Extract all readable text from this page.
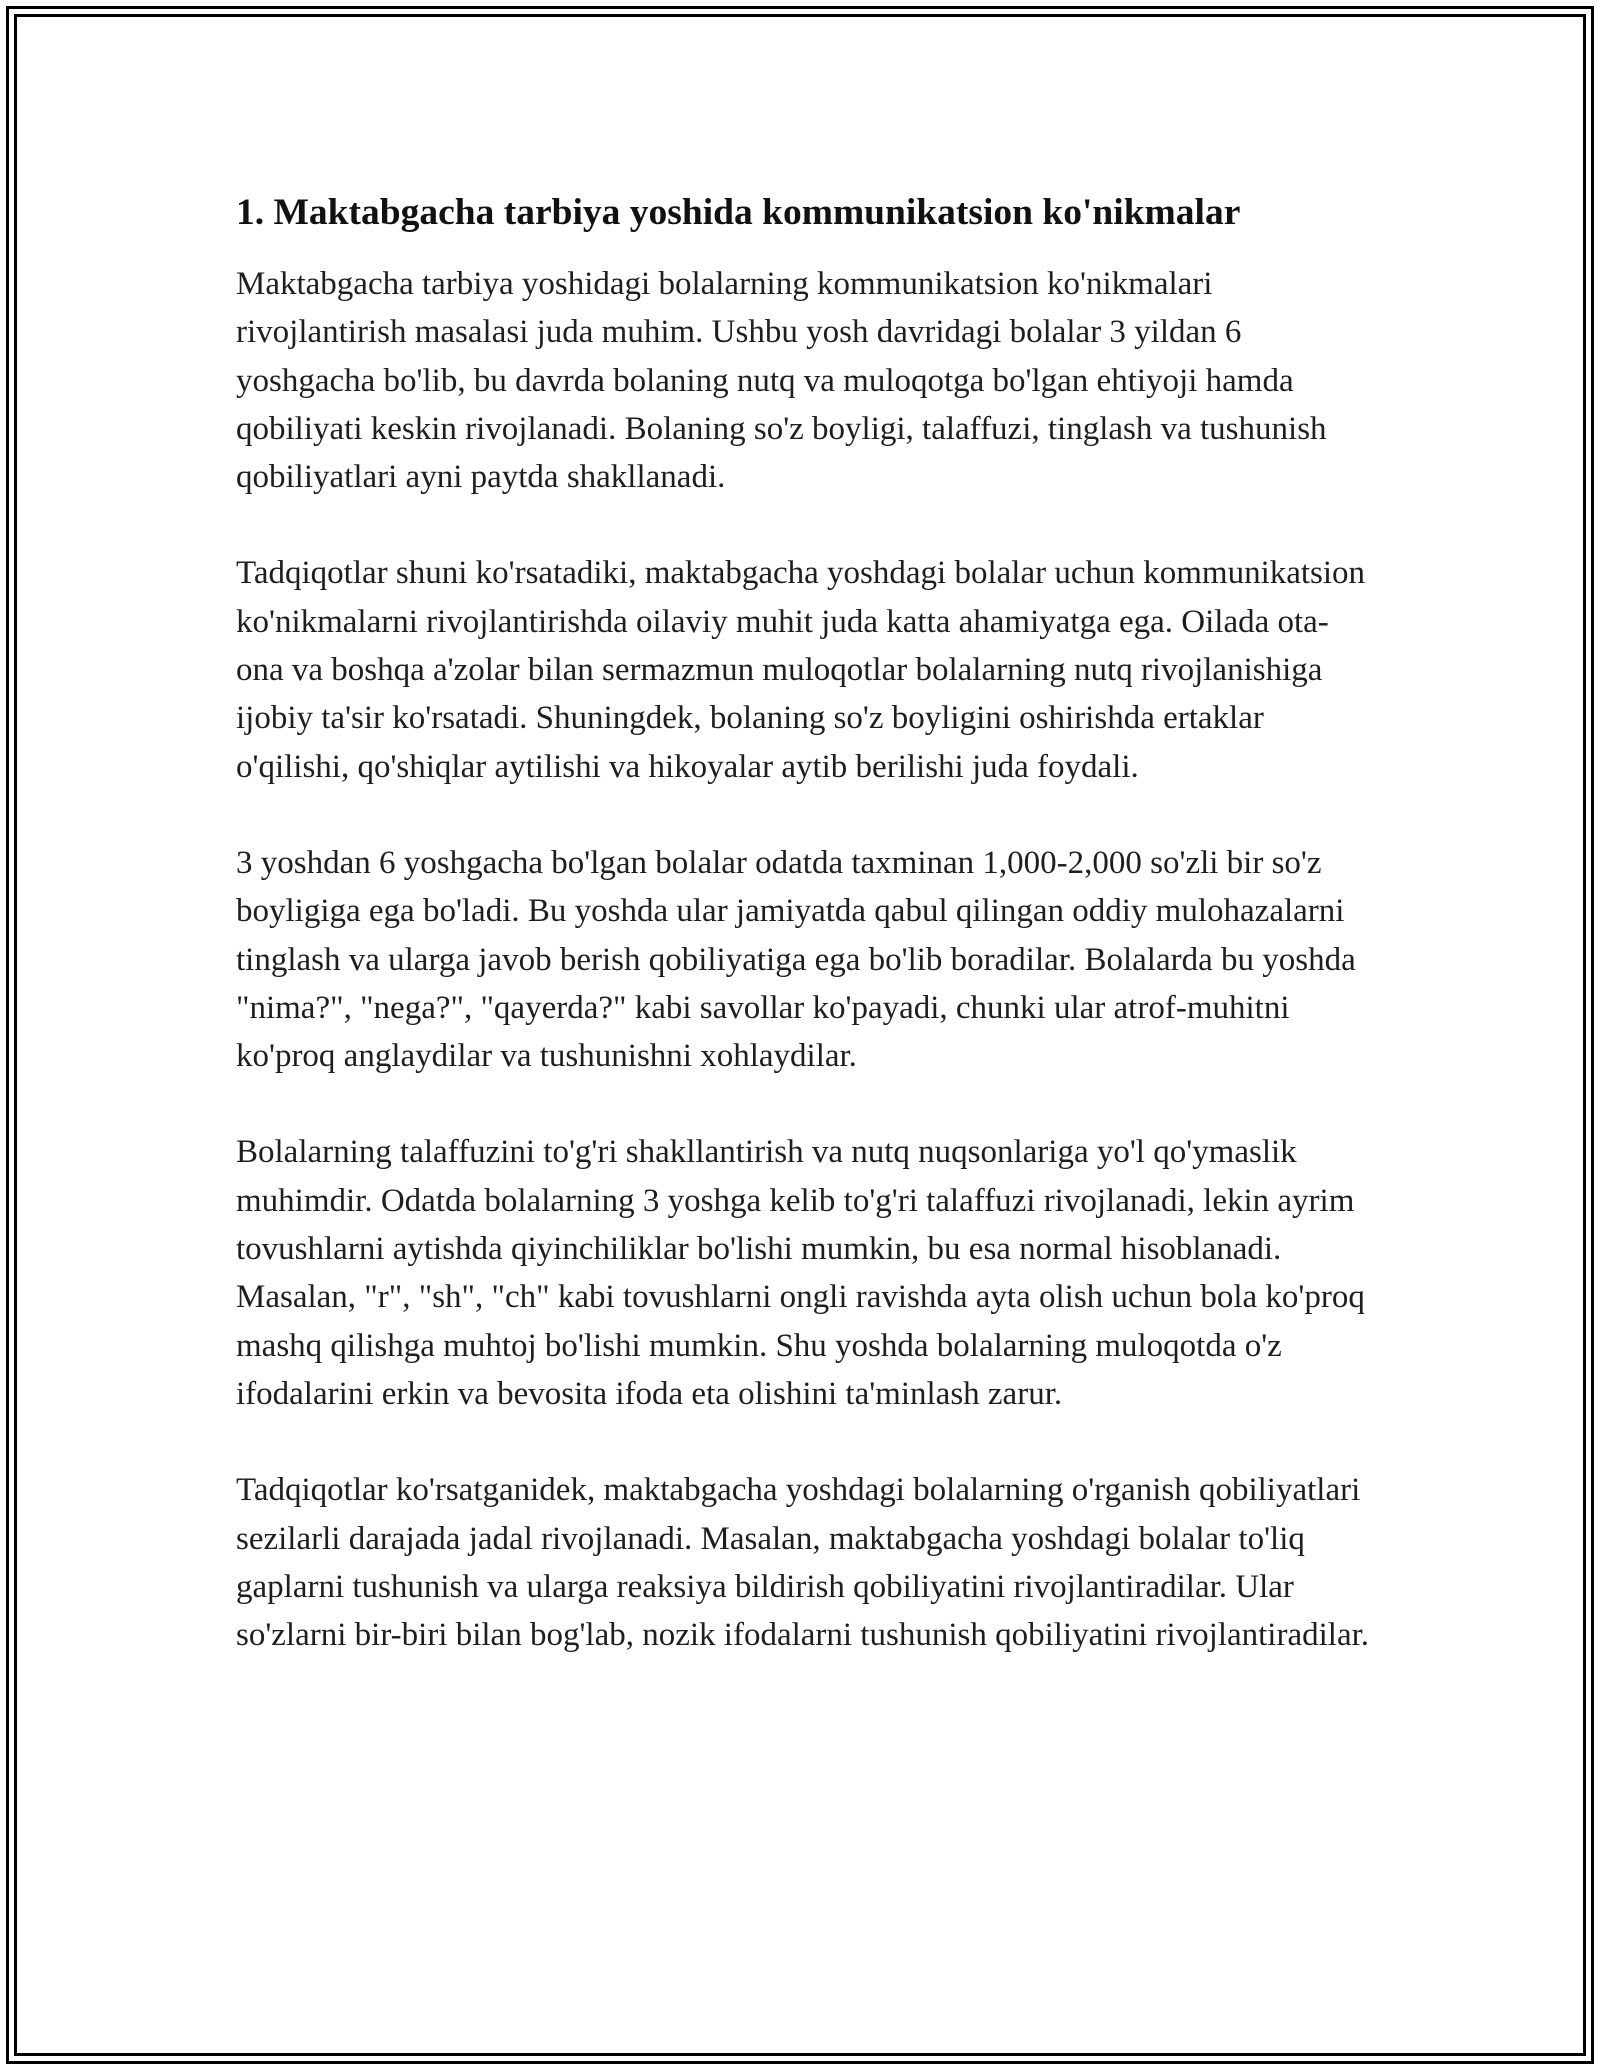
1. Maktabgacha tarbiya yoshida kommunikatsion ko'nikmalar

Maktabgacha tarbiya yoshidagi bolalarning kommunikatsion ko'nikmalari rivojlantirish masalasi juda muhim. Ushbu yosh davridagi bolalar 3 yildan 6 yoshgacha bo'lib, bu davrda bolaning nutq va muloqotga bo'lgan ehtiyoji hamda qobiliyati keskin rivojlanadi. Bolaning so'z boyligi, talaffuzi, tinglash va tushunish qobiliyatlari ayni paytda shakllanadi.

Tadqiqotlar shuni ko'rsatadiki, maktabgacha yoshdagi bolalar uchun kommunikatsion ko'nikmalarni rivojlantirishda oilaviy muhit juda katta ahamiyatga ega. Oilada ota-ona va boshqa a'zolar bilan sermazmun muloqotlar bolalarning nutq rivojlanishiga ijobiy ta'sir ko'rsatadi. Shuningdek, bolaning so'z boyligini oshirishda ertaklar o'qilishi, qo'shiqlar aytilishi va hikoyalar aytib berilishi juda foydali.

3 yoshdan 6 yoshgacha bo'lgan bolalar odatda taxminan 1,000-2,000 so'zli bir so'z boyligiga ega bo'ladi. Bu yoshda ular jamiyatda qabul qilingan oddiy mulohazalarni tinglash va ularga javob berish qobiliyatiga ega bo'lib boradilar. Bolalarda bu yoshda "nima?", "nega?", "qayerda?" kabi savollar ko'payadi, chunki ular atrof-muhitni ko'proq anglaydilar va tushunishni xohlaydilar.

Bolalarning talaffuzini to'g'ri shakllantirish va nutq nuqsonlariga yo'l qo'ymaslik muhimdir. Odatda bolalarning 3 yoshga kelib to'g'ri talaffuzi rivojlanadi, lekin ayrim tovushlarni aytishda qiyinchiliklar bo'lishi mumkin, bu esa normal hisoblanadi. Masalan, "r", "sh", "ch" kabi tovushlarni ongli ravishda ayta olish uchun bola ko'proq mashq qilishga muhtoj bo'lishi mumkin. Shu yoshda bolalarning muloqotda o'z ifodalarini erkin va bevosita ifoda eta olishini ta'minlash zarur.

Tadqiqotlar ko'rsatganidek, maktabgacha yoshdagi bolalarning o'rganish qobiliyatlari sezilarli darajada jadal rivojlanadi. Masalan, maktabgacha yoshdagi bolalar to'liq gaplarni tushunish va ularga reaksiya bildirish qobiliyatini rivojlantiradilar. Ular so'zlarni bir-biri bilan bog'lab, nozik ifodalarni tushunish qobiliyatini rivojlantiradilar.
